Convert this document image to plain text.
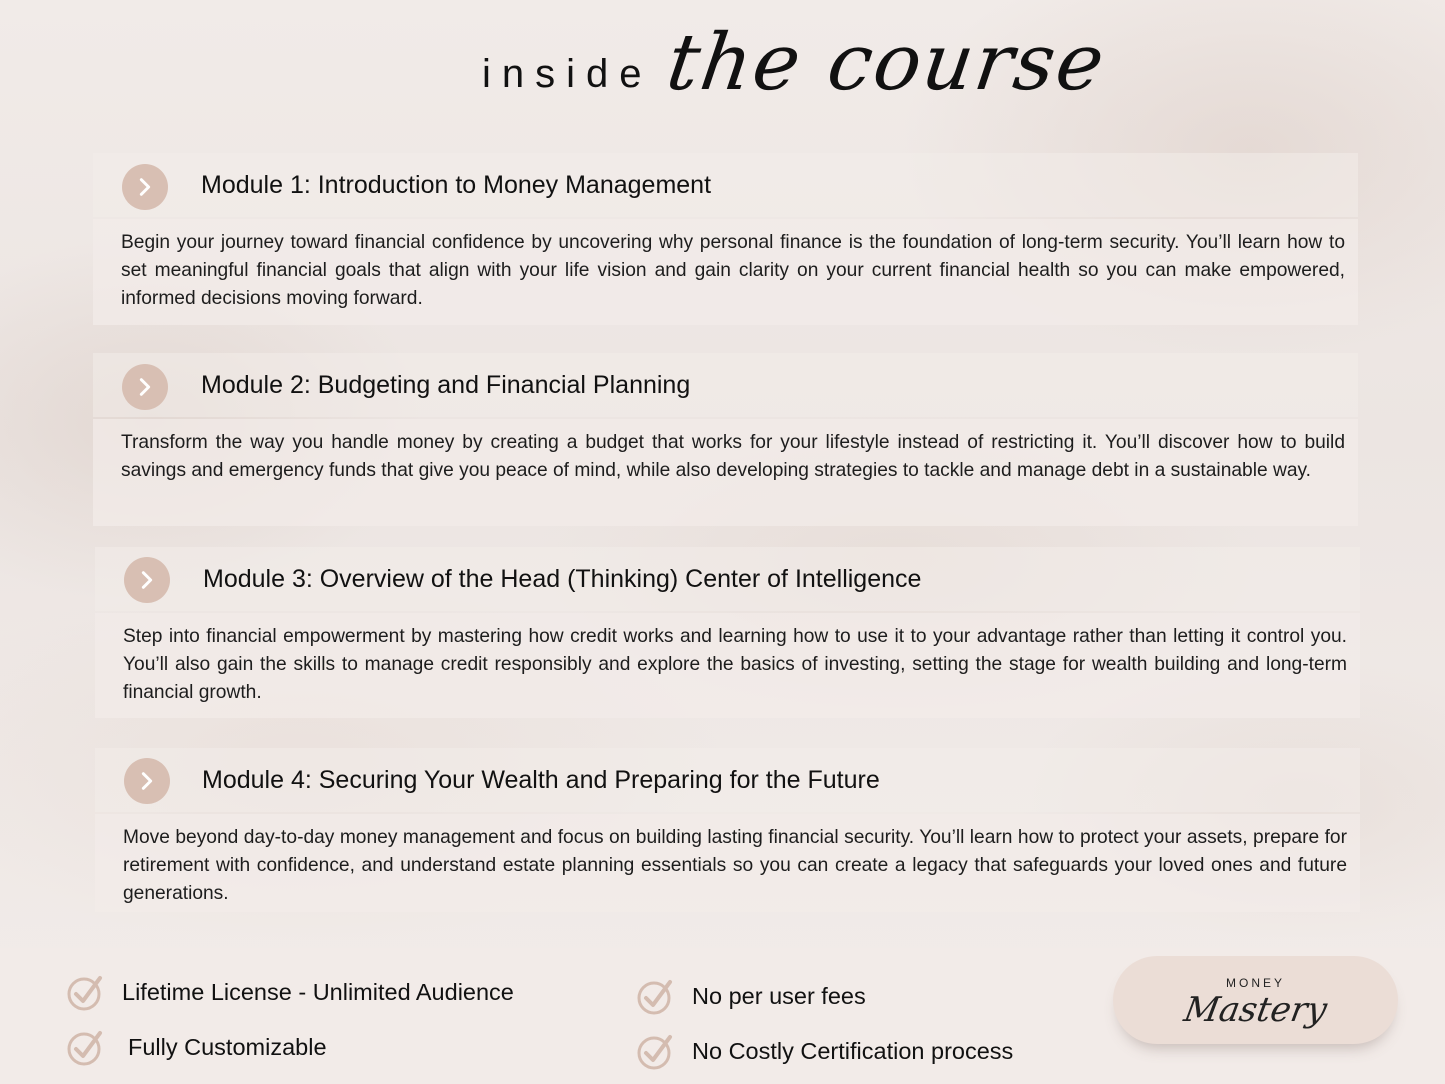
inside the course
Module 1: Introduction to Money Management
Begin your journey toward financial confidence by uncovering why personal finance is the foundation of long-term security. You’ll learn how to set meaningful financial goals that align with your life vision and gain clarity on your current financial health so you can make empowered, informed decisions moving forward.
Module 2: Budgeting and Financial Planning
Transform the way you handle money by creating a budget that works for your lifestyle instead of restricting it. You’ll discover how to build savings and emergency funds that give you peace of mind, while also developing strategies to tackle and manage debt in a sustainable way.
Module 3: Overview of the Head (Thinking) Center of Intelligence
Step into financial empowerment by mastering how credit works and learning how to use it to your advantage rather than letting it control you. You’ll also gain the skills to manage credit responsibly and explore the basics of investing, setting the stage for wealth building and long-term financial growth.
Module 4: Securing Your Wealth and Preparing for the Future
Move beyond day-to-day money management and focus on building lasting financial security. You’ll learn how to protect your assets, prepare for retirement with confidence, and understand estate planning essentials so you can create a legacy that safeguards your loved ones and future generations.
Lifetime License - Unlimited Audience
Fully Customizable
No per user fees
No Costly Certification process
MONEY
Mastery
